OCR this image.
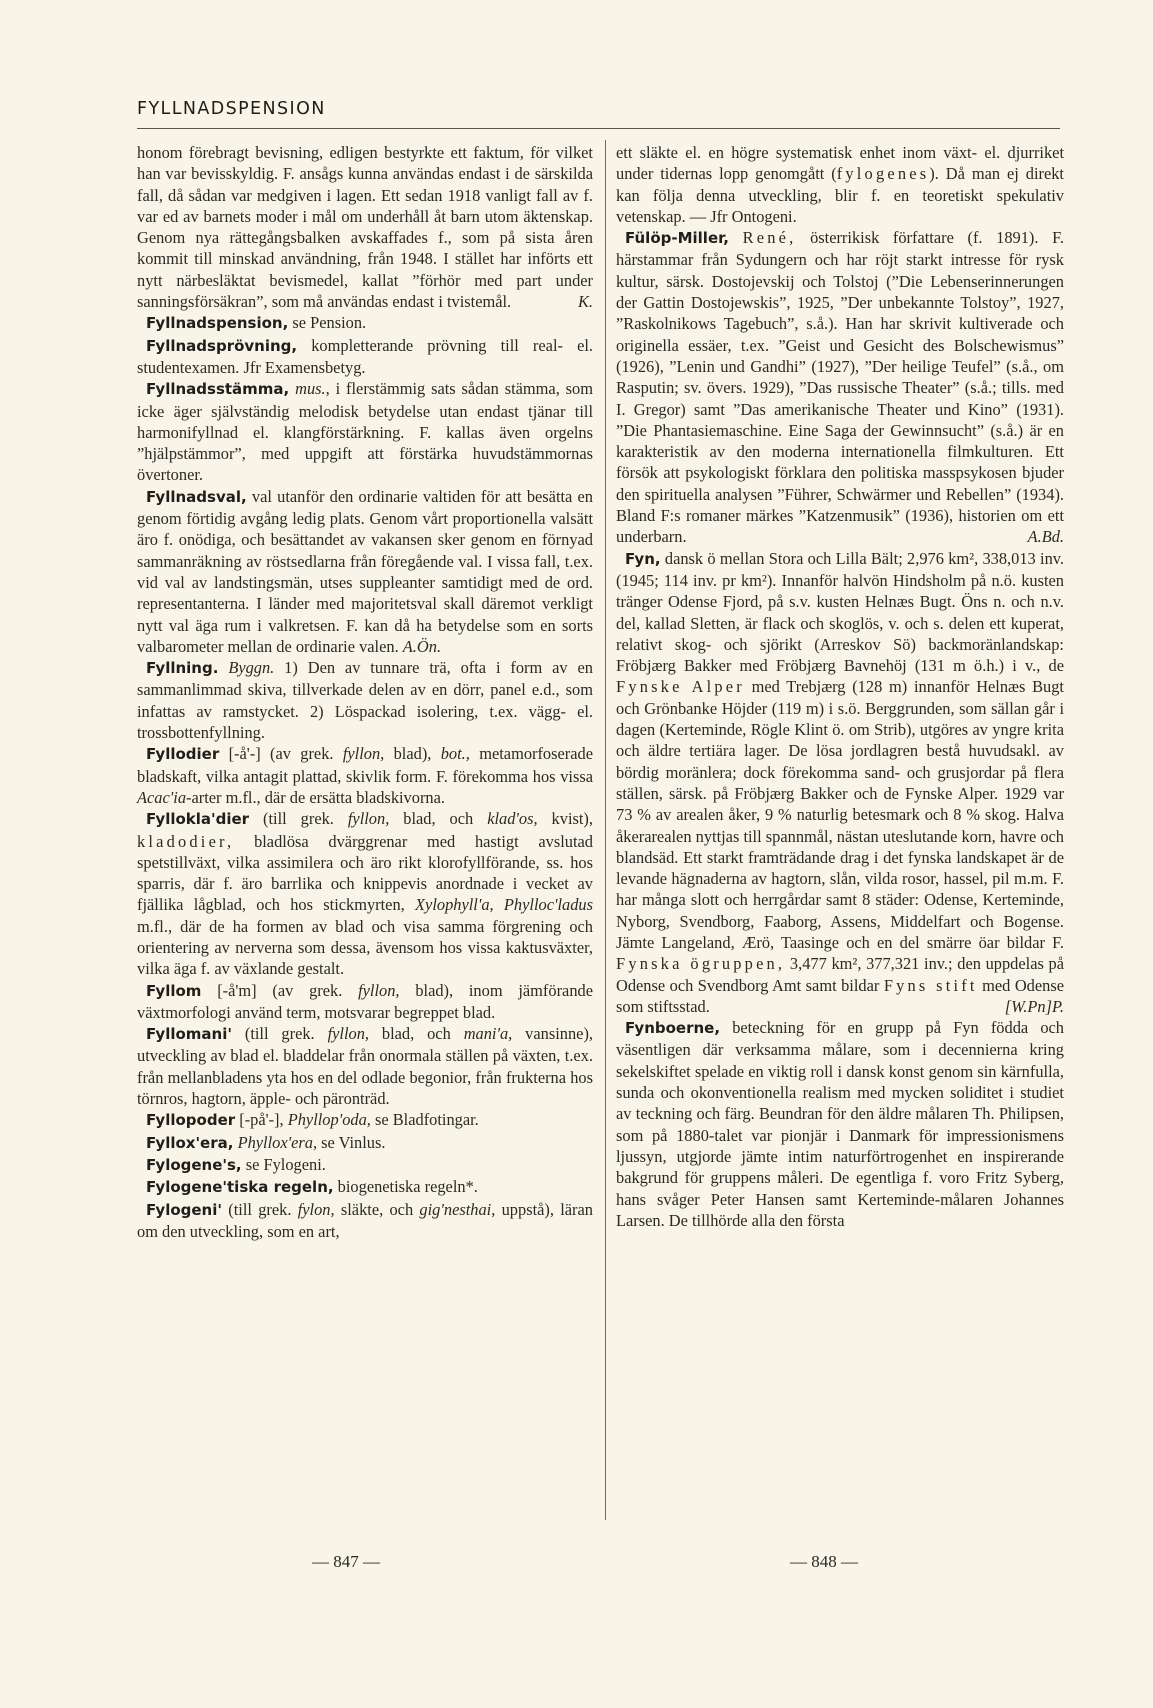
FYLLNADSPENSION

honom förebragt bevisning, edligen bestyrkte ett faktum, för vilket han var bevisskyldig. F. ansågs kunna användas endast i de särskilda fall, då sådan var medgiven i lagen. Ett sedan 1918 vanligt fall av f. var ed av barnets moder i mål om underhåll åt barn utom äktenskap. Genom nya rättegångsbalken avskaffades f., som på sista åren kommit till minskad användning, från 1948. I stället har införts ett nytt närbesläktat bevismedel, kallat ”förhör med part under sanningsförsäkran”, som må användas endast i tvistemål.	K.

Fyllnadspension, se Pension.

Fyllnadsprövning, kompletterande prövning till real- el. studentexamen. Jfr Examensbetyg.

Fyllnadsstämma, mus., i flerstämmig sats sådan stämma, som icke äger självständig melodisk betydelse utan endast tjänar till harmonifyllnad el. klangförstärkning. F. kallas även orgelns ”hjälpstämmor”, med uppgift att förstärka huvudstämmornas övertoner.

Fyllnadsval, val utanför den ordinarie valtiden för att besätta en genom förtidig avgång ledig plats. Genom vårt proportionella valsätt äro f. onödiga, och besättandet av vakansen sker genom en förnyad sammanräkning av röstsedlarna från föregående val. I vissa fall, t.ex. vid val av landstingsmän, utses suppleanter samtidigt med de ord. representanterna. I länder med majoritetsval skall däremot verkligt nytt val äga rum i valkretsen. F. kan då ha betydelse som en sorts valbarometer mellan de ordinarie valen. A.Ön.

Fyllning. Byggn. 1) Den av tunnare trä, ofta i form av en sammanlimmad skiva, tillverkade delen av en dörr, panel e.d., som infattas av ramstycket. 2) Löspackad isolering, t.ex. vägg- el. trossbottenfyllning.

Fyllodier [-å'-] (av grek. fyllon, blad), bot., metamorfoserade bladskaft, vilka antagit plattad, skivlik form. F. förekomma hos vissa Acac'ia-arter m.fl., där de ersätta bladskivorna.

Fyllokla'dier (till grek. fyllon, blad, och klad'os, kvist), kladodier, bladlösa dvärggrenar med hastigt avslutad spetstillväxt, vilka assimilera och äro rikt klorofyllförande, ss. hos sparris, där f. äro barrlika och knippevis anordnade i vecket av fjällika lågblad, och hos stickmyrten, Xylophyll'a, Phylloc'ladus m.fl., där de ha formen av blad och visa samma förgrening och orientering av nerverna som dessa, ävensom hos vissa kaktusväxter, vilka äga f. av växlande gestalt.

Fyllom [-å'm] (av grek. fyllon, blad), inom jämförande växtmorfologi använd term, motsvarar begreppet blad.

Fyllomani' (till grek. fyllon, blad, och mani'a, vansinne), utveckling av blad el. bladdelar från onormala ställen på växten, t.ex. från mellanbladens yta hos en del odlade begonior, från frukterna hos törnros, hagtorn, äpple- och päronträd.

Fyllopoder [-på'-], Phyllop'oda, se Bladfotingar.

Fyllox'era, Phyllox'era, se Vinlus.

Fylogene's, se Fylogeni.

Fylogene'tiska regeln, biogenetiska regeln*.

Fylogeni' (till grek. fylon, släkte, och gig'nesthai, uppstå), läran om den utveckling, som en art,

ett släkte el. en högre systematisk enhet inom växt- el. djurriket under tidernas lopp genomgått (fylogenes). Då man ej direkt kan följa denna utveckling, blir f. en teoretiskt spekulativ vetenskap. — Jfr Ontogeni.

Fülöp-Miller, René, österrikisk författare (f. 1891). F. härstammar från Sydungern och har röjt starkt intresse för rysk kultur, särsk. Dostojevskij och Tolstoj (”Die Lebenserinnerungen der Gattin Dostojewskis”, 1925, ”Der unbekannte Tolstoy”, 1927, ”Raskolnikows Tagebuch”, s.å.). Han har skrivit kultiverade och originella essäer, t.ex. ”Geist und Gesicht des Bolschewismus” (1926), ”Lenin und Gandhi” (1927), ”Der heilige Teufel” (s.å., om Rasputin; sv. övers. 1929), ”Das russische Theater” (s.å.; tills. med I. Gregor) samt ”Das amerikanische Theater und Kino” (1931). ”Die Phantasiemaschine. Eine Saga der Gewinnsucht” (s.å.) är en karakteristik av den moderna internationella filmkulturen. Ett försök att psykologiskt förklara den politiska masspsykosen bjuder den spirituella analysen ”Führer, Schwärmer und Rebellen” (1934). Bland F:s romaner märkes ”Katzenmusik” (1936), historien om ett underbarn.	A.Bd.

Fyn, dansk ö mellan Stora och Lilla Bält; 2,976 km², 338,013 inv. (1945; 114 inv. pr km²). Innanför halvön Hindsholm på n.ö. kusten tränger Odense Fjord, på s.v. kusten Helnæs Bugt. Öns n. och n.v. del, kallad Sletten, är flack och skoglös, v. och s. delen ett kuperat, relativt skog- och sjörikt (Arreskov Sö) backmoränlandskap: Fröbjærg Bakker med Fröbjærg Bavnehöj (131 m ö.h.) i v., de Fynske Alper med Trebjærg (128 m) innanför Helnæs Bugt och Grönbanke Höjder (119 m) i s.ö. Berggrunden, som sällan går i dagen (Kerteminde, Rögle Klint ö. om Strib), utgöres av yngre krita och äldre tertiära lager. De lösa jordlagren bestå huvudsakl. av bördig moränlera; dock förekomma sand- och grusjordar på flera ställen, särsk. på Fröbjærg Bakker och de Fynske Alper. 1929 var 73 % av arealen åker, 9 % naturlig betesmark och 8 % skog. Halva åkerarealen nyttjas till spannmål, nästan uteslutande korn, havre och blandsäd. Ett starkt framträdande drag i det fynska landskapet är de levande hägnaderna av hagtorn, slån, vilda rosor, hassel, pil m.m. F. har många slott och herrgårdar samt 8 städer: Odense, Kerteminde, Nyborg, Svendborg, Faaborg, Assens, Middelfart och Bogense. Jämte Langeland, Ærö, Taasinge och en del smärre öar bildar F. Fynska ögruppen, 3,477 km², 377,321 inv.; den uppdelas på Odense och Svendborg Amt samt bildar Fyns stift med Odense som stiftsstad.	[W.Pn]P.

Fynboerne, beteckning för en grupp på Fyn födda och väsentligen där verksamma målare, som i decennierna kring sekelskiftet spelade en viktig roll i dansk konst genom sin kärnfulla, sunda och okonventionella realism med mycken soliditet i studiet av teckning och färg. Beundran för den äldre målaren Th. Philipsen, som på 1880-talet var pionjär i Danmark för impressionismens ljussyn, utgjorde jämte intim naturförtrogenhet en inspirerande bakgrund för gruppens måleri. De egentliga f. voro Fritz Syberg, hans svåger Peter Hansen samt Kerteminde-målaren Johannes Larsen. De tillhörde alla den första

— 847 —	— 848 —
